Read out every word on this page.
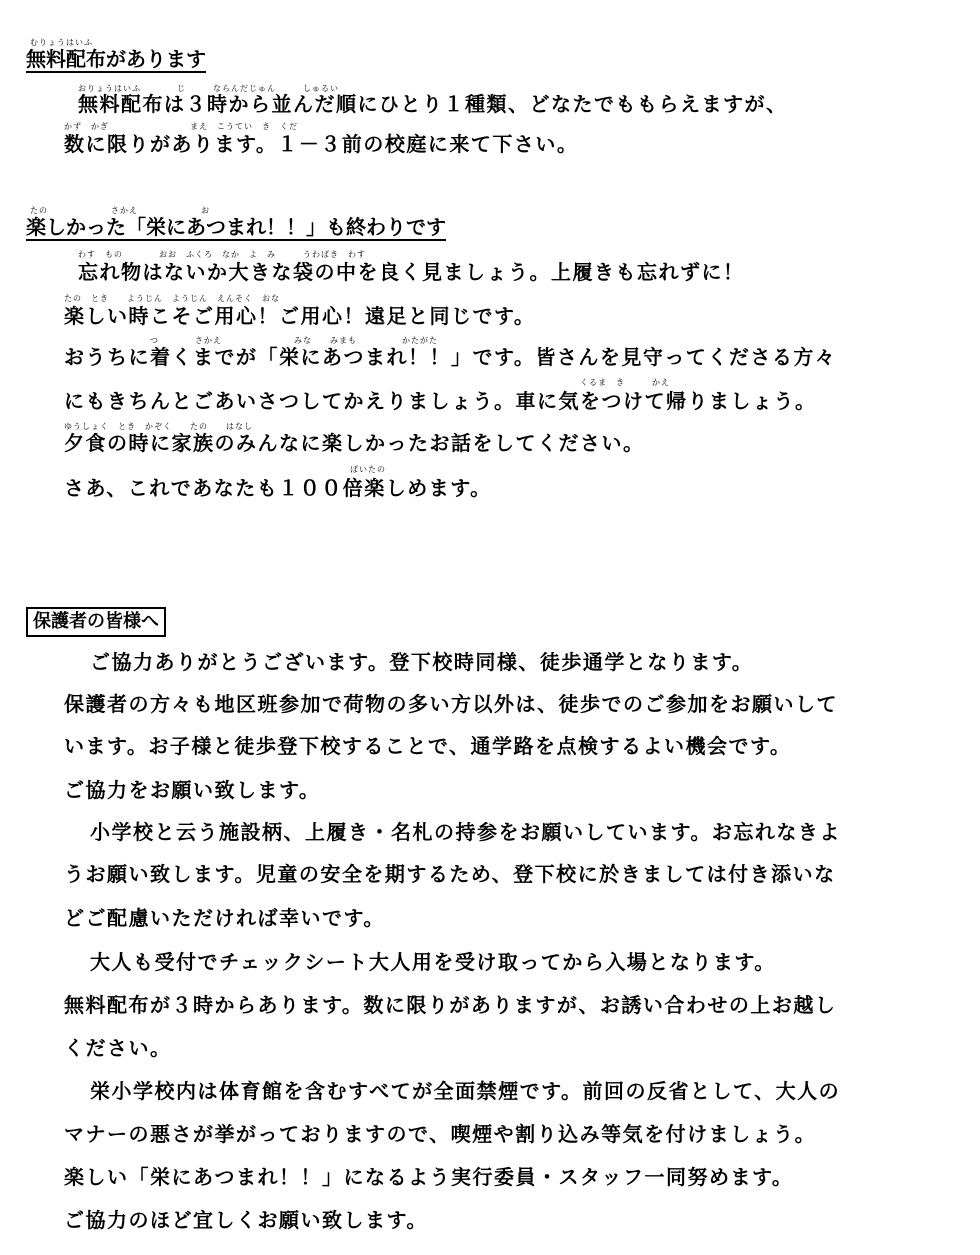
むりょうはいふ
無料配布があります
おりょうはいふ　　　　じ　　　ならんだじゅん　　　しゅるい
無料配布は３時から並んだ順にひとり１種類、どなたでももらえますが、
かず　かぎ　　　　　　　　　まえ　こうてい　き　くだ
数に限りがあります。１－３前の校庭に来て下さい。
たの　　　　　　　さかえ　　　　　　　お
楽しかった「栄にあつまれ！！」も終わりです
わす　もの　　　　おお　ふくろ　なか　よ　み　　　うわばき　わす
忘れ物はないか大きな袋の中を良く見ましょう。上履きも忘れずに！
たの　とき　　ようじん　ようじん　えんそく　おな
楽しい時こそご用心！ご用心！遠足と同じです。
つ　　　　さかえ　　　　　　　　みな　　みまも　　　　　かたがた
おうちに着くまでが「栄にあつまれ！！」です。皆さんを見守ってくださる方々
くるま　き　　　かえ
にもきちんとごあいさつしてかえりましょう。車に気をつけて帰りましょう。
ゆうしょく　とき　かぞく　　たの　　はなし
夕食の時に家族のみんなに楽しかったお話をしてください。
ばいたの
さあ、これであなたも１００倍楽しめます。
保護者の皆様へ
ご協力ありがとうございます。登下校時同様、徒歩通学となります。
保護者の方々も地区班参加で荷物の多い方以外は、徒歩でのご参加をお願いして
います。お子様と徒歩登下校することで、通学路を点検するよい機会です。
ご協力をお願い致します。
小学校と云う施設柄、上履き・名札の持参をお願いしています。お忘れなきよ
うお願い致します。児童の安全を期するため、登下校に於きましては付き添いな
どご配慮いただければ幸いです。
大人も受付でチェックシート大人用を受け取ってから入場となります。
無料配布が３時からあります。数に限りがありますが、お誘い合わせの上お越し
ください。
栄小学校内は体育館を含むすべてが全面禁煙です。前回の反省として、大人の
マナーの悪さが挙がっておりますので、喫煙や割り込み等気を付けましょう。
楽しい「栄にあつまれ！！」になるよう実行委員・スタッフ一同努めます。
ご協力のほど宜しくお願い致します。
